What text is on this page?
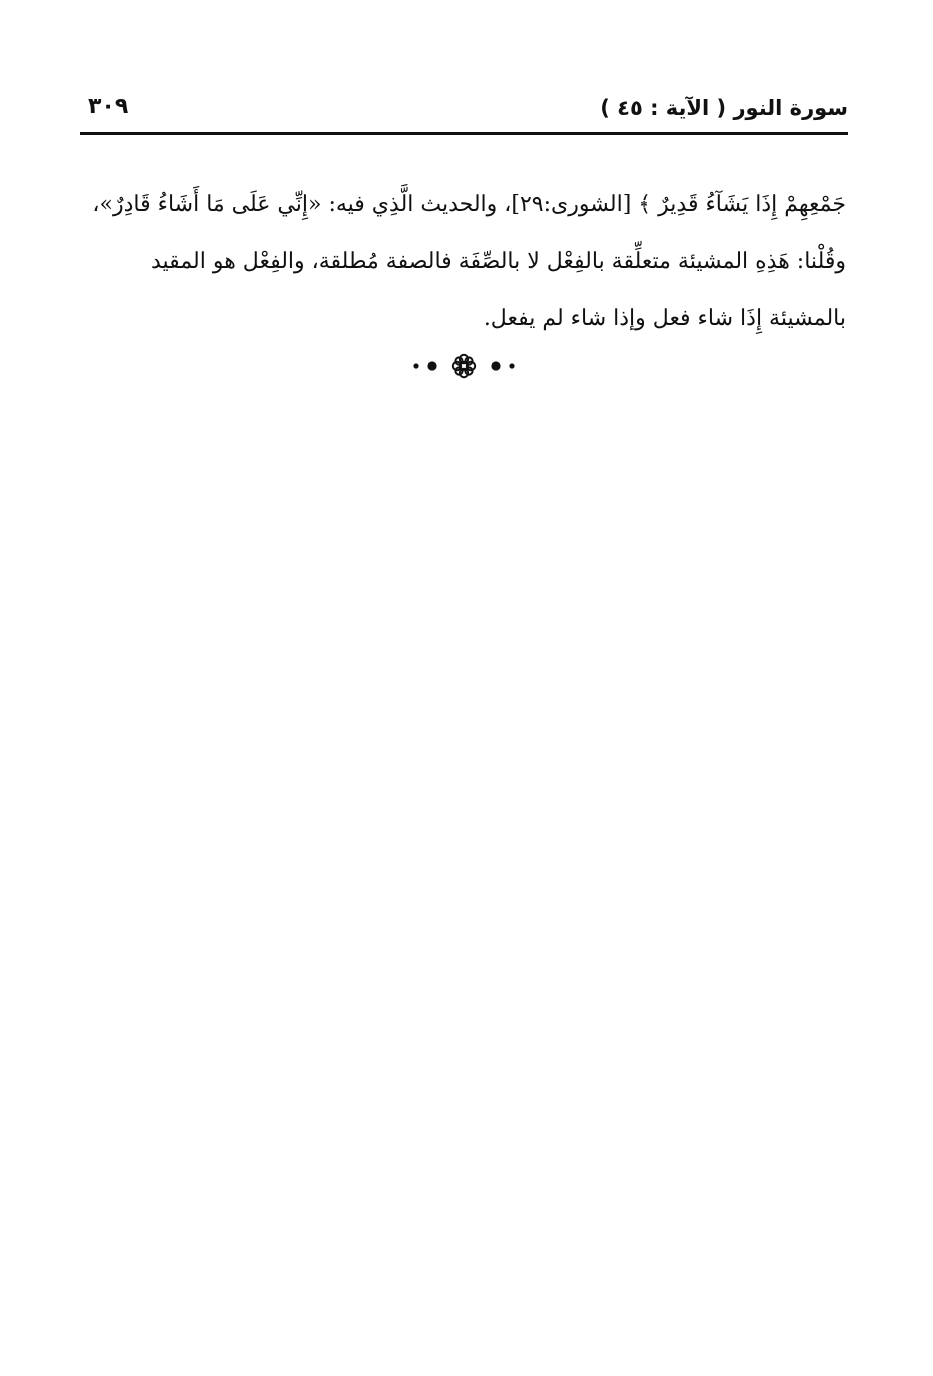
سورة النور ( الآية : ٤٥ )
٣٠٩
جَمْعِهِمْ إِذَا يَشَآءُ قَدِيرٌ ﴾ [الشورى:٢٩]، والحديث الَّذِي فيه: «إِنِّي عَلَى مَا أَشَاءُ قَادِرٌ»،
وقُلْنا: هَذِهِ المشيئة متعلِّقة بالفِعْل لا بالصِّفَة فالصفة مُطلقة، والفِعْل هو المقيد
بالمشيئة إِذَا شاء فعل وإذا شاء لم يفعل.
